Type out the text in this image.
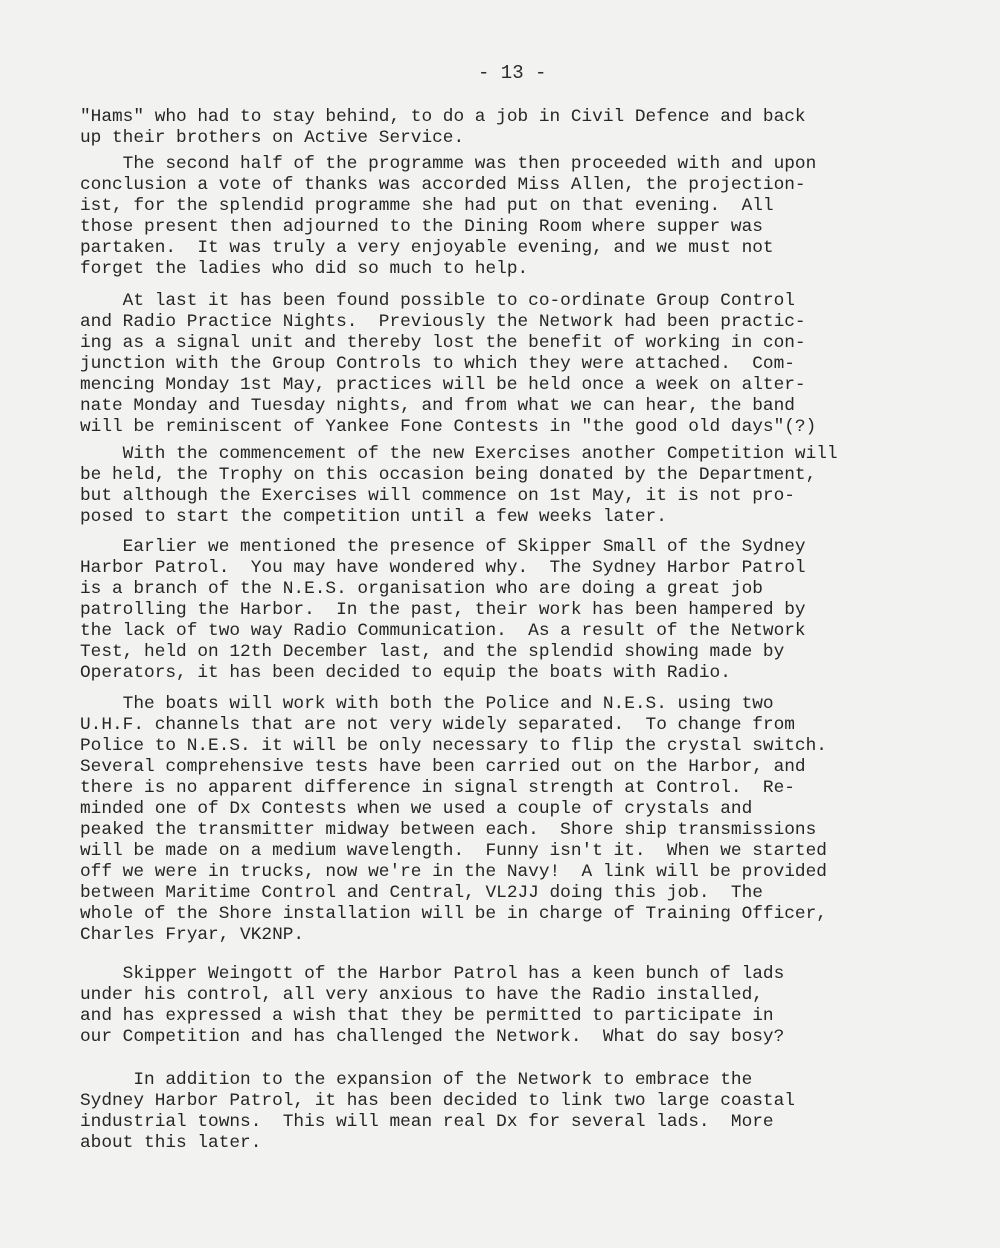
- 13 -

"Hams" who had to stay behind, to do a job in Civil Defence and back
up their brothers on Active Service.

The second half of the programme was then proceeded with and upon
conclusion a vote of thanks was accorded Miss Allen, the projection-
ist, for the splendid programme she had put on that evening.  All
those present then adjourned to the Dining Room where supper was
partaken.  It was truly a very enjoyable evening, and we must not
forget the ladies who did so much to help.

At last it has been found possible to co-ordinate Group Control
and Radio Practice Nights.  Previously the Network had been practic-
ing as a signal unit and thereby lost the benefit of working in con-
junction with the Group Controls to which they were attached.  Com-
mencing Monday 1st May, practices will be held once a week on alter-
nate Monday and Tuesday nights, and from what we can hear, the band
will be reminiscent of Yankee Fone Contests in "the good old days"(?)

With the commencement of the new Exercises another Competition will
be held, the Trophy on this occasion being donated by the Department,
but although the Exercises will commence on 1st May, it is not pro-
posed to start the competition until a few weeks later.

Earlier we mentioned the presence of Skipper Small of the Sydney
Harbor Patrol.  You may have wondered why.  The Sydney Harbor Patrol
is a branch of the N.E.S. organisation who are doing a great job
patrolling the Harbor.  In the past, their work has been hampered by
the lack of two way Radio Communication.  As a result of the Network
Test, held on 12th December last, and the splendid showing made by
Operators, it has been decided to equip the boats with Radio.

The boats will work with both the Police and N.E.S. using two
U.H.F. channels that are not very widely separated.  To change from
Police to N.E.S. it will be only necessary to flip the crystal switch.
Several comprehensive tests have been carried out on the Harbor, and
there is no apparent difference in signal strength at Control.  Re-
minded one of Dx Contests when we used a couple of crystals and
peaked the transmitter midway between each.  Shore ship transmissions
will be made on a medium wavelength.  Funny isn't it.  When we started
off we were in trucks, now we're in the Navy!  A link will be provided
between Maritime Control and Central, VL2JJ doing this job.  The
whole of the Shore installation will be in charge of Training Officer,
Charles Fryar, VK2NP.

Skipper Weingott of the Harbor Patrol has a keen bunch of lads
under his control, all very anxious to have the Radio installed,
and has expressed a wish that they be permitted to participate in
our Competition and has challenged the Network.  What do say bosy?

In addition to the expansion of the Network to embrace the
Sydney Harbor Patrol, it has been decided to link two large coastal
industrial towns.  This will mean real Dx for several lads.  More
about this later.
